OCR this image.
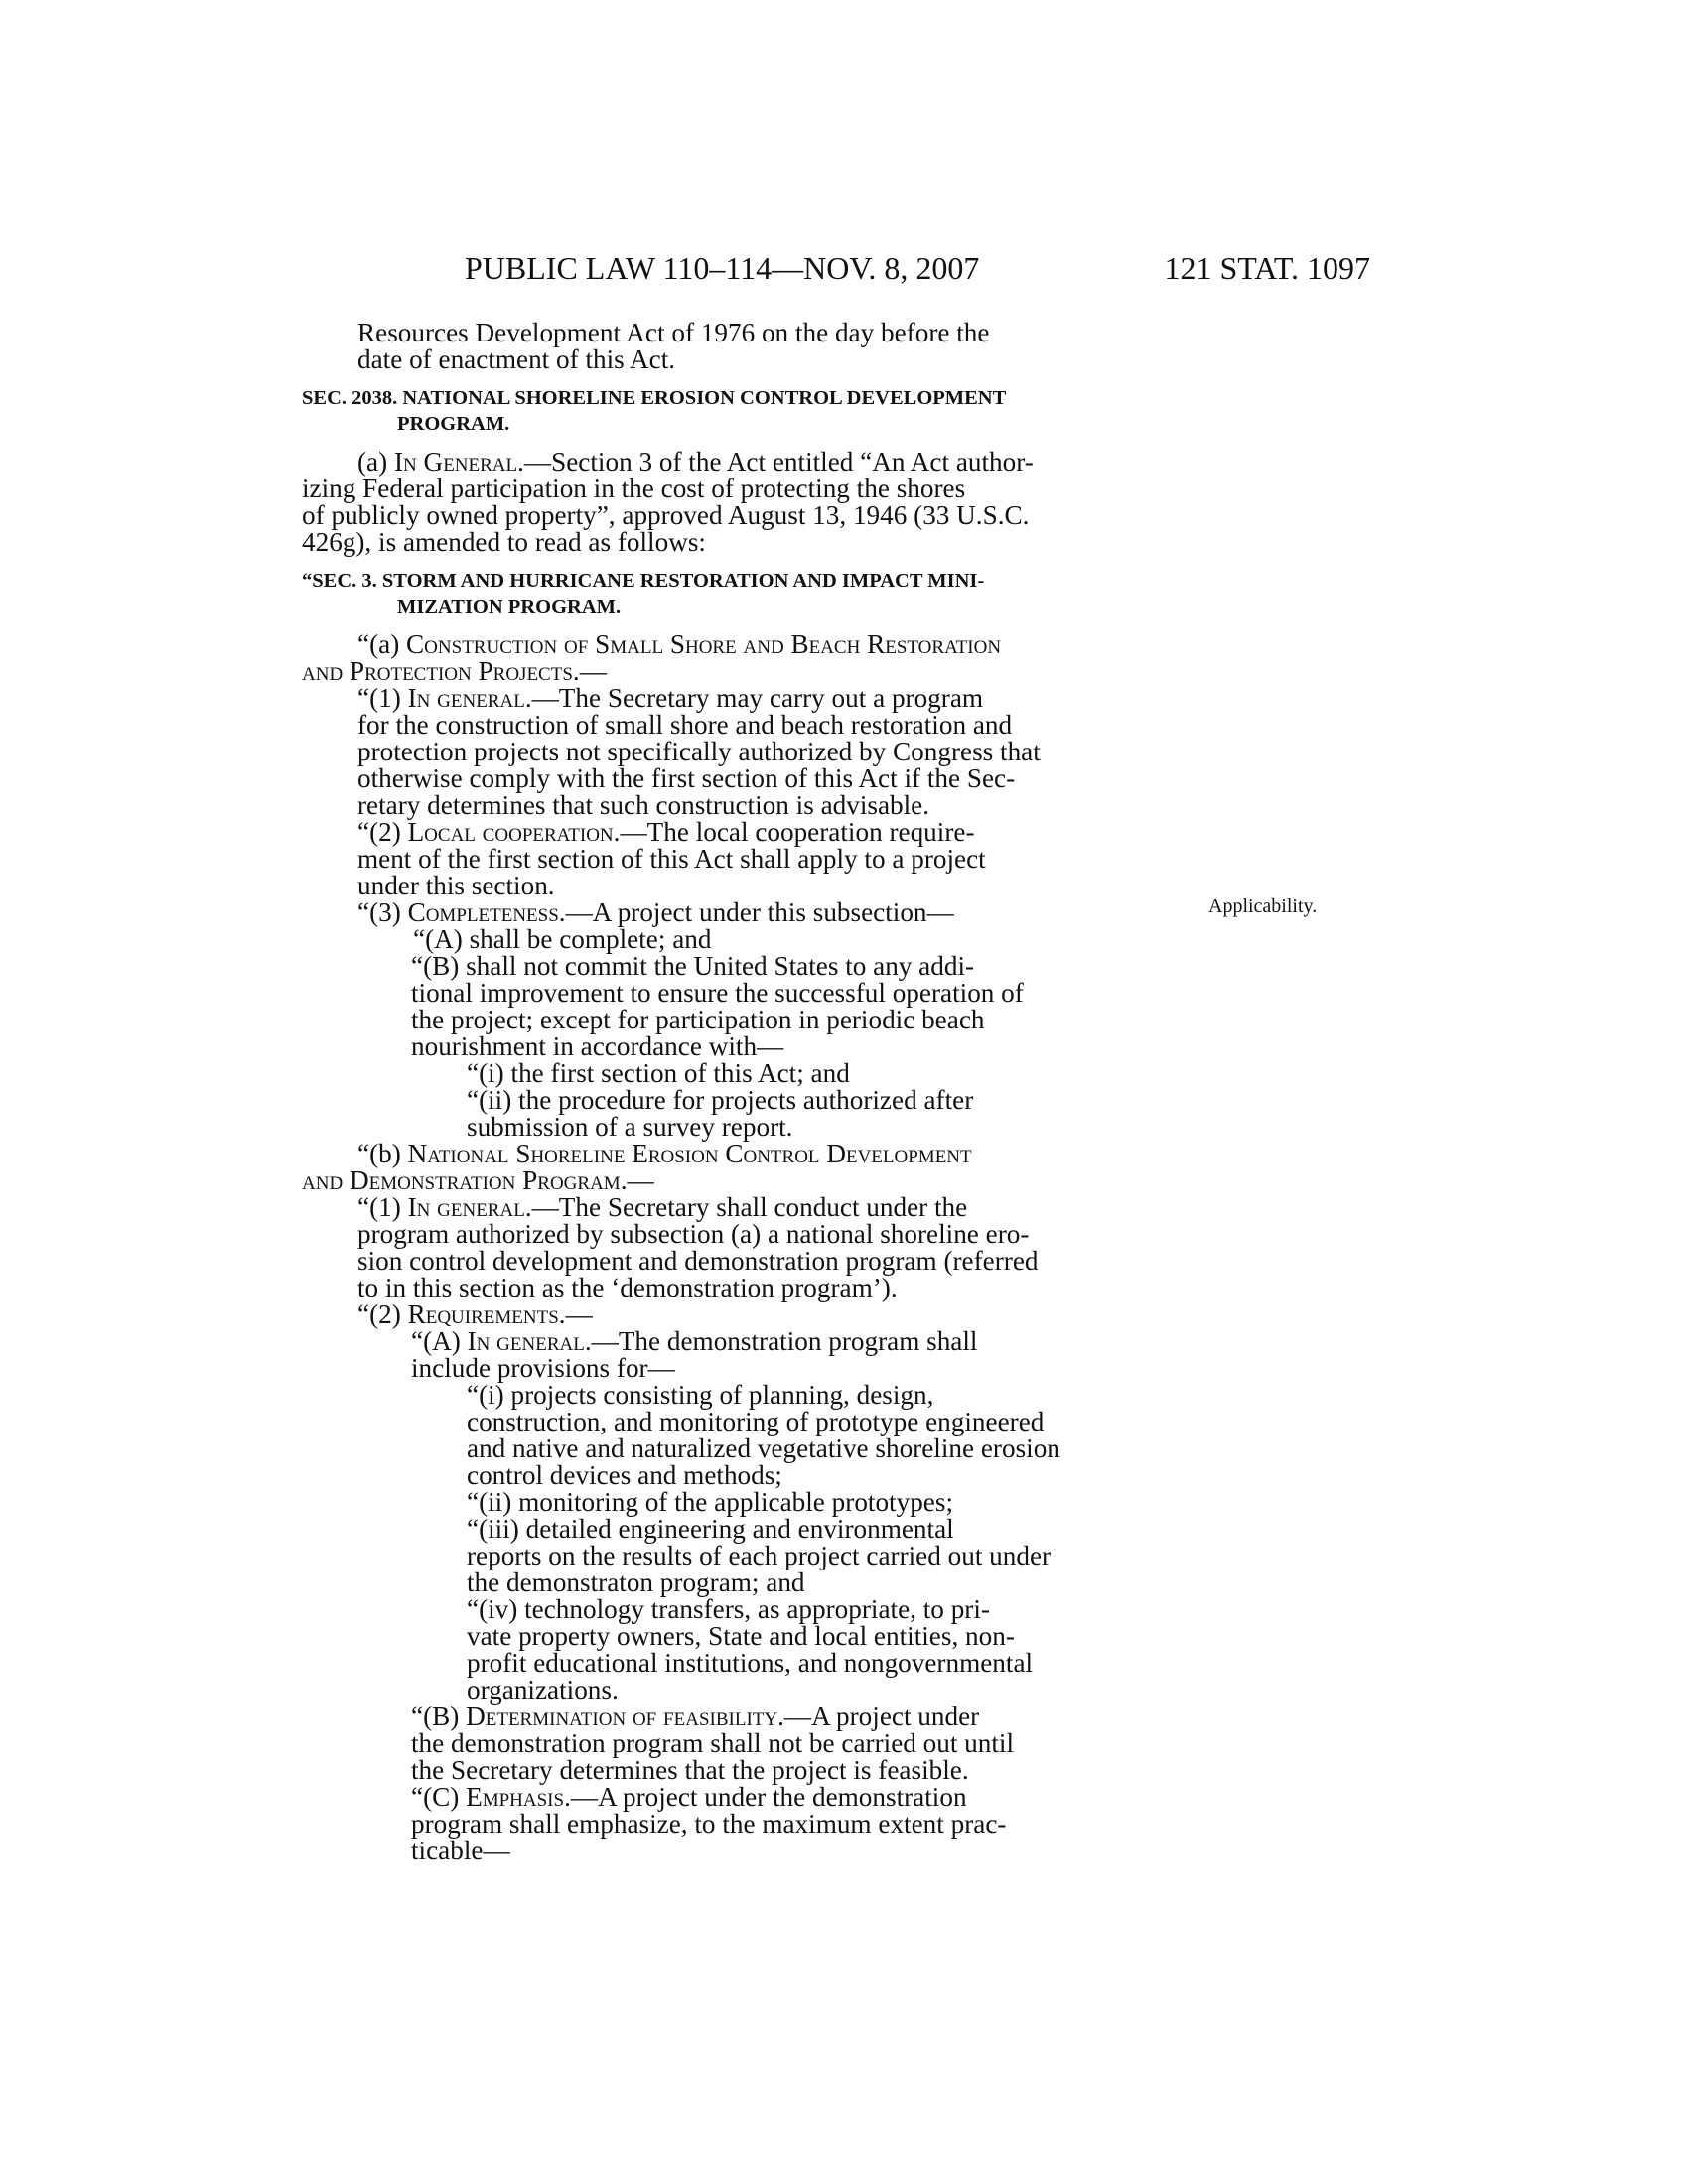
PUBLIC LAW 110–114—NOV. 8, 2007	121 STAT. 1097
Applicability.
Resources Development Act of 1976 on the day before the
date of enactment of this Act.
SEC. 2038. NATIONAL SHORELINE EROSION CONTROL DEVELOPMENT
PROGRAM.
(a) In General.—Section 3 of the Act entitled “An Act author-
izing Federal participation in the cost of protecting the shores
of publicly owned property”, approved August 13, 1946 (33 U.S.C.
426g), is amended to read as follows:
“SEC. 3. STORM AND HURRICANE RESTORATION AND IMPACT MINI-
MIZATION PROGRAM.
“(a) Construction of Small Shore and Beach Restoration
and Protection Projects.—
“(1) In general.—The Secretary may carry out a program
for the construction of small shore and beach restoration and
protection projects not specifically authorized by Congress that
otherwise comply with the first section of this Act if the Sec-
retary determines that such construction is advisable.
“(2) Local cooperation.—The local cooperation require-
ment of the first section of this Act shall apply to a project
under this section.
“(3) Completeness.—A project under this subsection—
“(A) shall be complete; and
“(B) shall not commit the United States to any addi-
tional improvement to ensure the successful operation of
the project; except for participation in periodic beach
nourishment in accordance with—
“(i) the first section of this Act; and
“(ii) the procedure for projects authorized after
submission of a survey report.
“(b) National Shoreline Erosion Control Development
and Demonstration Program.—
“(1) In general.—The Secretary shall conduct under the
program authorized by subsection (a) a national shoreline ero-
sion control development and demonstration program (referred
to in this section as the ‘demonstration program’).
“(2) Requirements.—
“(A) In general.—The demonstration program shall
include provisions for—
“(i) projects consisting of planning, design,
construction, and monitoring of prototype engineered
and native and naturalized vegetative shoreline erosion
control devices and methods;
“(ii) monitoring of the applicable prototypes;
“(iii) detailed engineering and environmental
reports on the results of each project carried out under
the demonstraton program; and
“(iv) technology transfers, as appropriate, to pri-
vate property owners, State and local entities, non-
profit educational institutions, and nongovernmental
organizations.
“(B) Determination of feasibility.—A project under
the demonstration program shall not be carried out until
the Secretary determines that the project is feasible.
“(C) Emphasis.—A project under the demonstration
program shall emphasize, to the maximum extent prac-
ticable—
